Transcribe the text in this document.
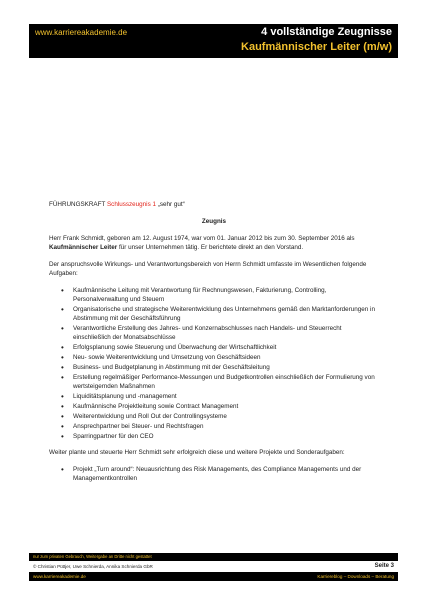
www.karriereakademie.de	4 vollständige Zeugnisse
Kaufmännischer Leiter (m/w)
FÜHRUNGSKRAFT Schlusszeugnis 1 „sehr gut“
Zeugnis

Herr Frank Schmidt, geboren am 12. August 1974, war vom 01. Januar 2012 bis zum 30. September 2016 als Kaufmännischer Leiter für unser Unternehmen tätig. Er berichtete direkt an den Vorstand.

Der anspruchsvolle Wirkungs- und Verantwortungsbereich von Herrn Schmidt umfasste im Wesentlichen folgende Aufgaben:

• Kaufmännische Leitung mit Verantwortung für Rechnungswesen, Fakturierung, Controlling, Personalverwaltung und Steuern
• Organisatorische und strategische Weiterentwicklung des Unternehmens gemäß den Marktanforderungen in Abstimmung mit der Geschäftsführung
• Verantwortliche Erstellung des Jahres- und Konzernabschlusses nach Handels- und Steuerrecht einschließlich der Monatsabschlüsse
• Erfolgsplanung sowie Steuerung und Überwachung der Wirtschaftlichkeit
• Neu- sowie Weiterentwicklung und Umsetzung von Geschäftsideen
• Business- und Budgetplanung in Abstimmung mit der Geschäftsleitung
• Erstellung regelmäßiger Performance-Messungen und Budgetkontrollen einschließlich der Formulierung von wertsteigernden Maßnahmen
• Liquiditätsplanung und -management
• Kaufmännische Projektleitung sowie Contract Management
• Weiterentwicklung und Roll Out der Controllingsysteme
• Ansprechpartner bei Steuer- und Rechtsfragen
• Sparringpartner für den CEO

Weiter plante und steuerte Herr Schmidt sehr erfolgreich diese und weitere Projekte und Sonderaufgaben:

• Projekt „Turn around“: Neuausrichtung des Risk Managements, des Compliance Managements und der Managementkontrollen
nur zum privaten Gebrauch, Weitergabe an Dritte nicht gestattet
© Christian Püttjer, Uwe Schnierda, Annika Schnierda GbR	Seite 3
www.karriereakademie.de	Karriereblog – Downloads – Beratung
